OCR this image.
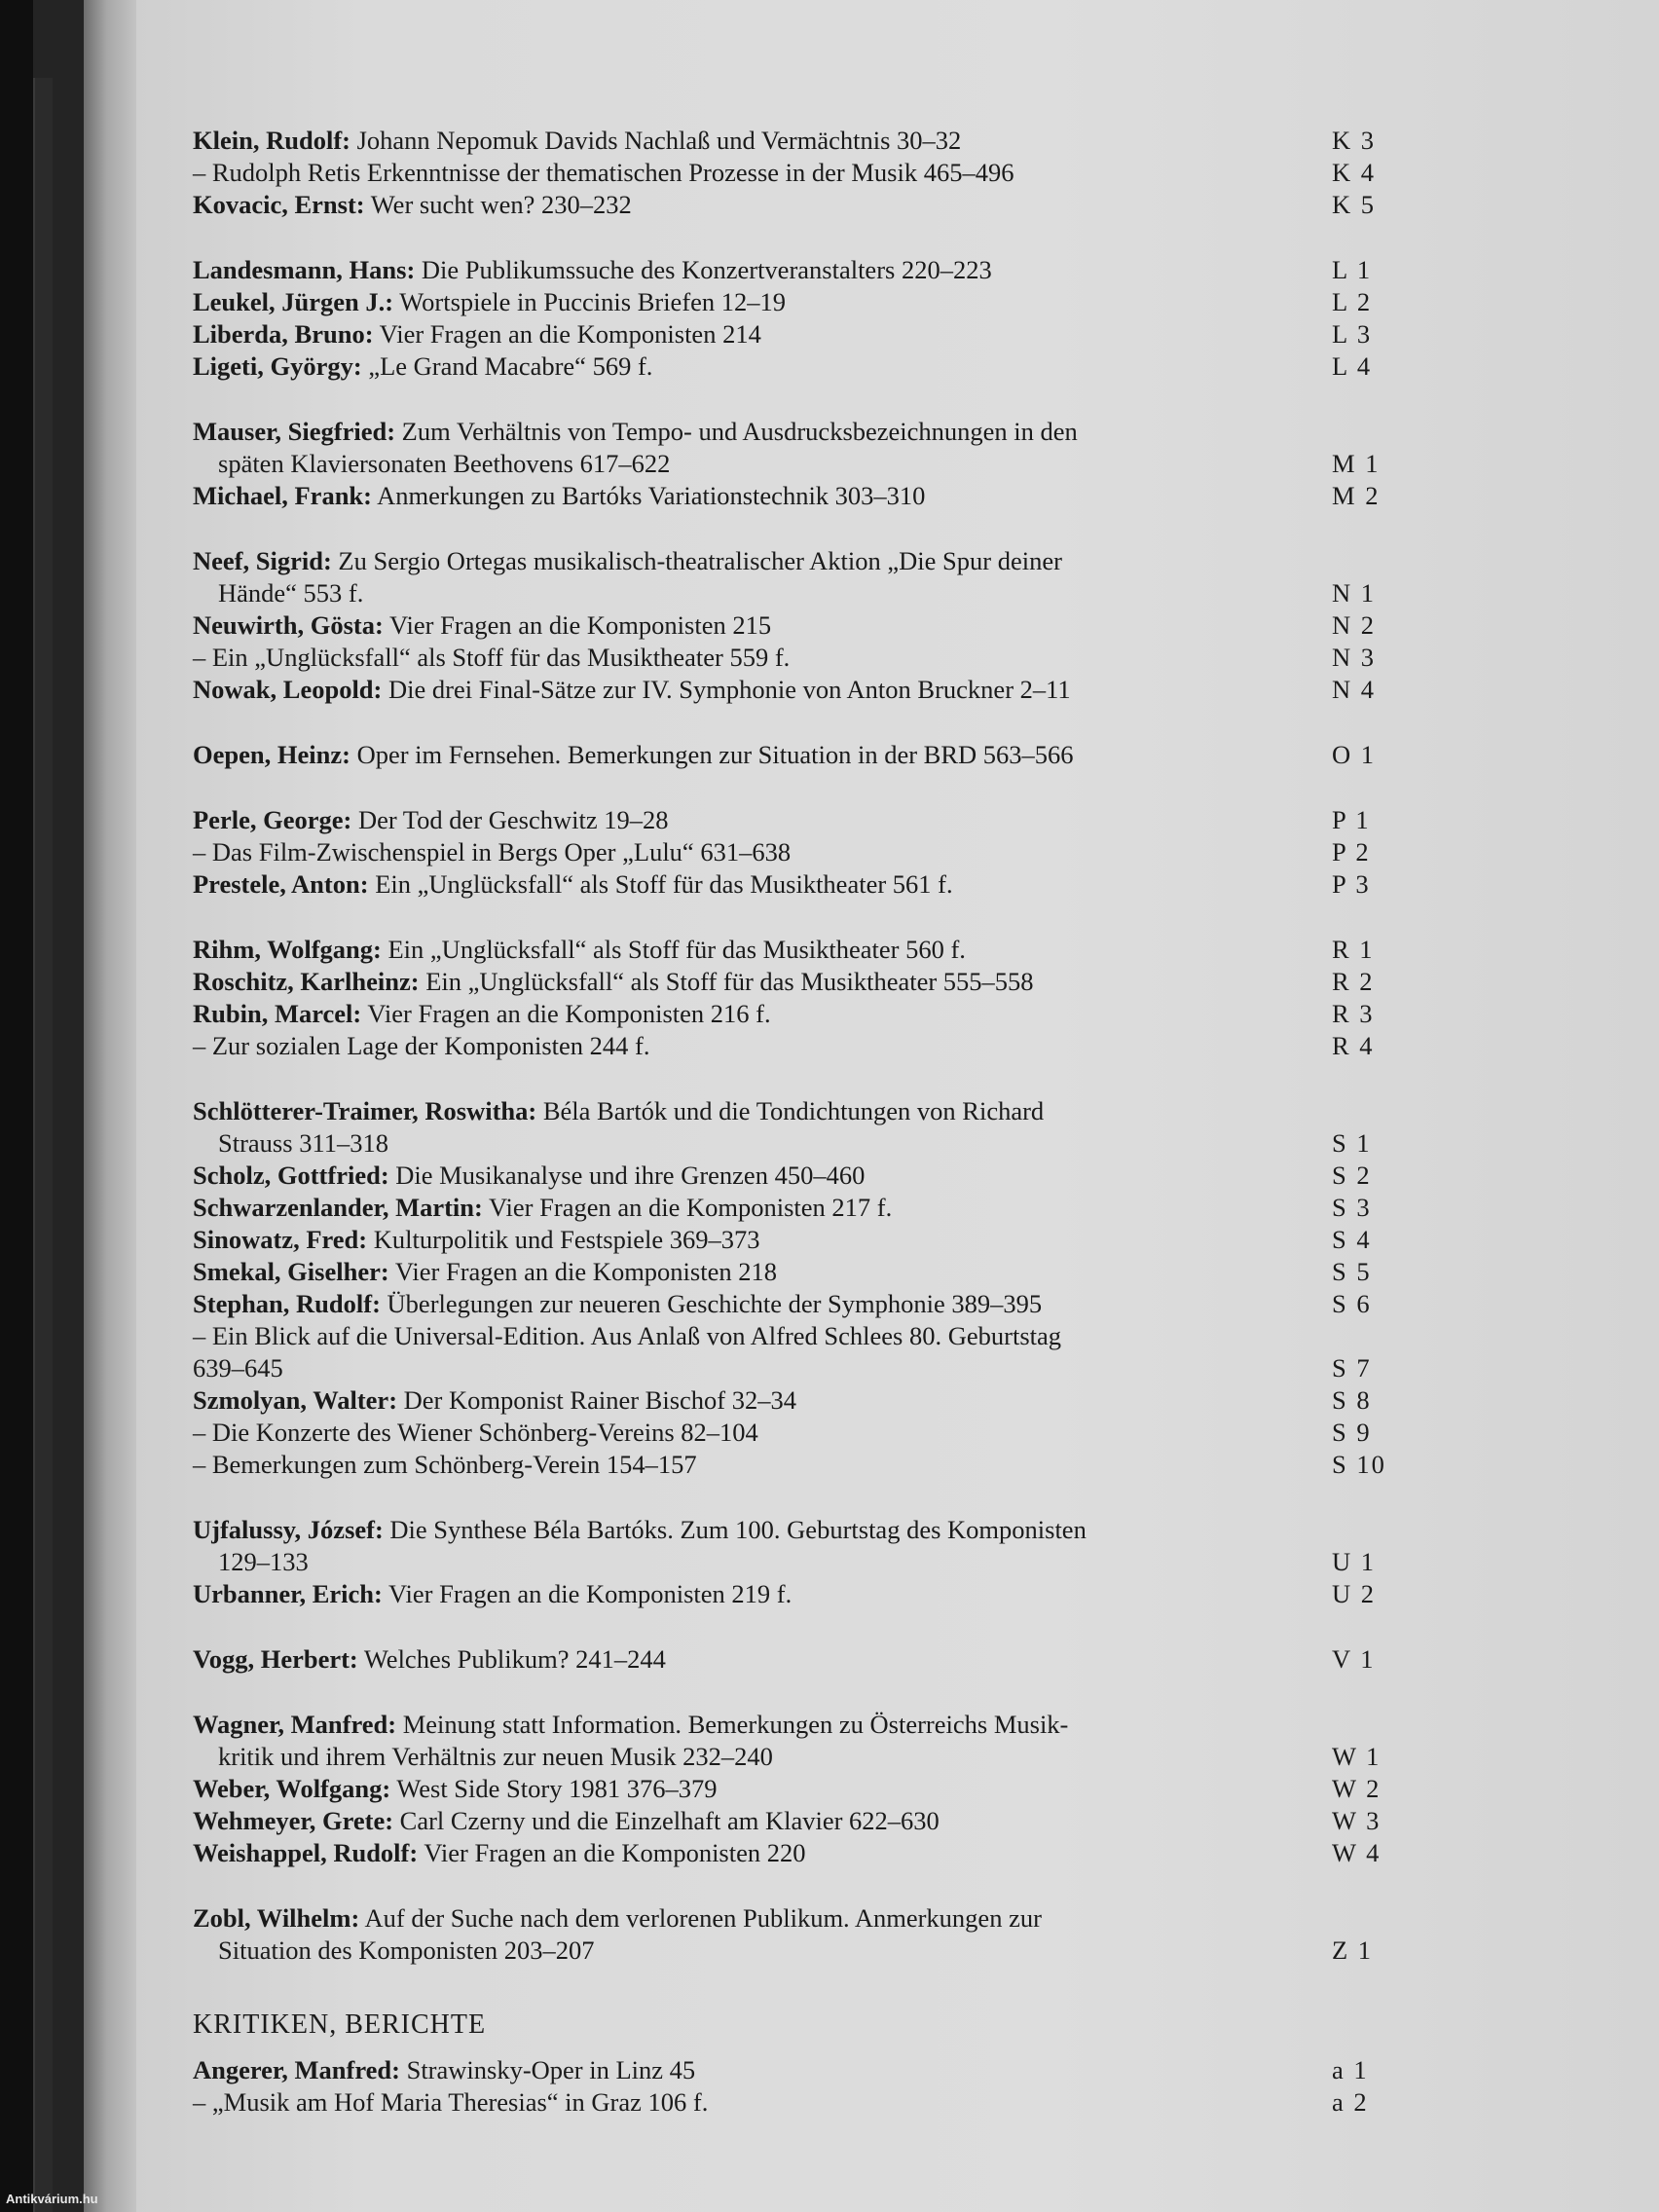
Klein, Rudolf: Johann Nepomuk Davids Nachlaß und Vermächtnis 30–32	K 3
– Rudolph Retis Erkenntnisse der thematischen Prozesse in der Musik 465–496	K 4
Kovacic, Ernst: Wer sucht wen? 230–232	K 5
Landesmann, Hans: Die Publikumssuche des Konzertveranstalters 220–223	L 1
Leukel, Jürgen J.: Wortspiele in Puccinis Briefen 12–19	L 2
Liberda, Bruno: Vier Fragen an die Komponisten 214	L 3
Ligeti, György: „Le Grand Macabre“ 569 f.	L 4
Mauser, Siegfried: Zum Verhältnis von Tempo- und Ausdrucksbezeichnungen in den
späten Klaviersonaten Beethovens 617–622	M 1
Michael, Frank: Anmerkungen zu Bartóks Variationstechnik 303–310	M 2
Neef, Sigrid: Zu Sergio Ortegas musikalisch-theatralischer Aktion „Die Spur deiner
Hände“ 553 f.	N 1
Neuwirth, Gösta: Vier Fragen an die Komponisten 215	N 2
– Ein „Unglücksfall“ als Stoff für das Musiktheater 559 f.	N 3
Nowak, Leopold: Die drei Final-Sätze zur IV. Symphonie von Anton Bruckner 2–11	N 4
Oepen, Heinz: Oper im Fernsehen. Bemerkungen zur Situation in der BRD 563–566	O 1
Perle, George: Der Tod der Geschwitz 19–28	P 1
– Das Film-Zwischenspiel in Bergs Oper „Lulu“ 631–638	P 2
Prestele, Anton: Ein „Unglücksfall“ als Stoff für das Musiktheater 561 f.	P 3
Rihm, Wolfgang: Ein „Unglücksfall“ als Stoff für das Musiktheater 560 f.	R 1
Roschitz, Karlheinz: Ein „Unglücksfall“ als Stoff für das Musiktheater 555–558	R 2
Rubin, Marcel: Vier Fragen an die Komponisten 216 f.	R 3
– Zur sozialen Lage der Komponisten 244 f.	R 4
Schlötterer-Traimer, Roswitha: Béla Bartók und die Tondichtungen von Richard
Strauss 311–318	S 1
Scholz, Gottfried: Die Musikanalyse und ihre Grenzen 450–460	S 2
Schwarzenlander, Martin: Vier Fragen an die Komponisten 217 f.	S 3
Sinowatz, Fred: Kulturpolitik und Festspiele 369–373	S 4
Smekal, Giselher: Vier Fragen an die Komponisten 218	S 5
Stephan, Rudolf: Überlegungen zur neueren Geschichte der Symphonie 389–395	S 6
– Ein Blick auf die Universal-Edition. Aus Anlaß von Alfred Schlees 80. Geburtstag
639–645	S 7
Szmolyan, Walter: Der Komponist Rainer Bischof 32–34	S 8
– Die Konzerte des Wiener Schönberg-Vereins 82–104	S 9
– Bemerkungen zum Schönberg-Verein 154–157	S 10
Ujfalussy, József: Die Synthese Béla Bartóks. Zum 100. Geburtstag des Komponisten
129–133	U 1
Urbanner, Erich: Vier Fragen an die Komponisten 219 f.	U 2
Vogg, Herbert: Welches Publikum? 241–244	V 1
Wagner, Manfred: Meinung statt Information. Bemerkungen zu Österreichs Musik-
kritik und ihrem Verhältnis zur neuen Musik 232–240	W 1
Weber, Wolfgang: West Side Story 1981 376–379	W 2
Wehmeyer, Grete: Carl Czerny und die Einzelhaft am Klavier 622–630	W 3
Weishappel, Rudolf: Vier Fragen an die Komponisten 220	W 4
Zobl, Wilhelm: Auf der Suche nach dem verlorenen Publikum. Anmerkungen zur
Situation des Komponisten 203–207	Z 1
KRITIKEN, BERICHTE
Angerer, Manfred: Strawinsky-Oper in Linz 45	a 1
– „Musik am Hof Maria Theresias“ in Graz 106 f.	a 2
Antikvárium.hu
